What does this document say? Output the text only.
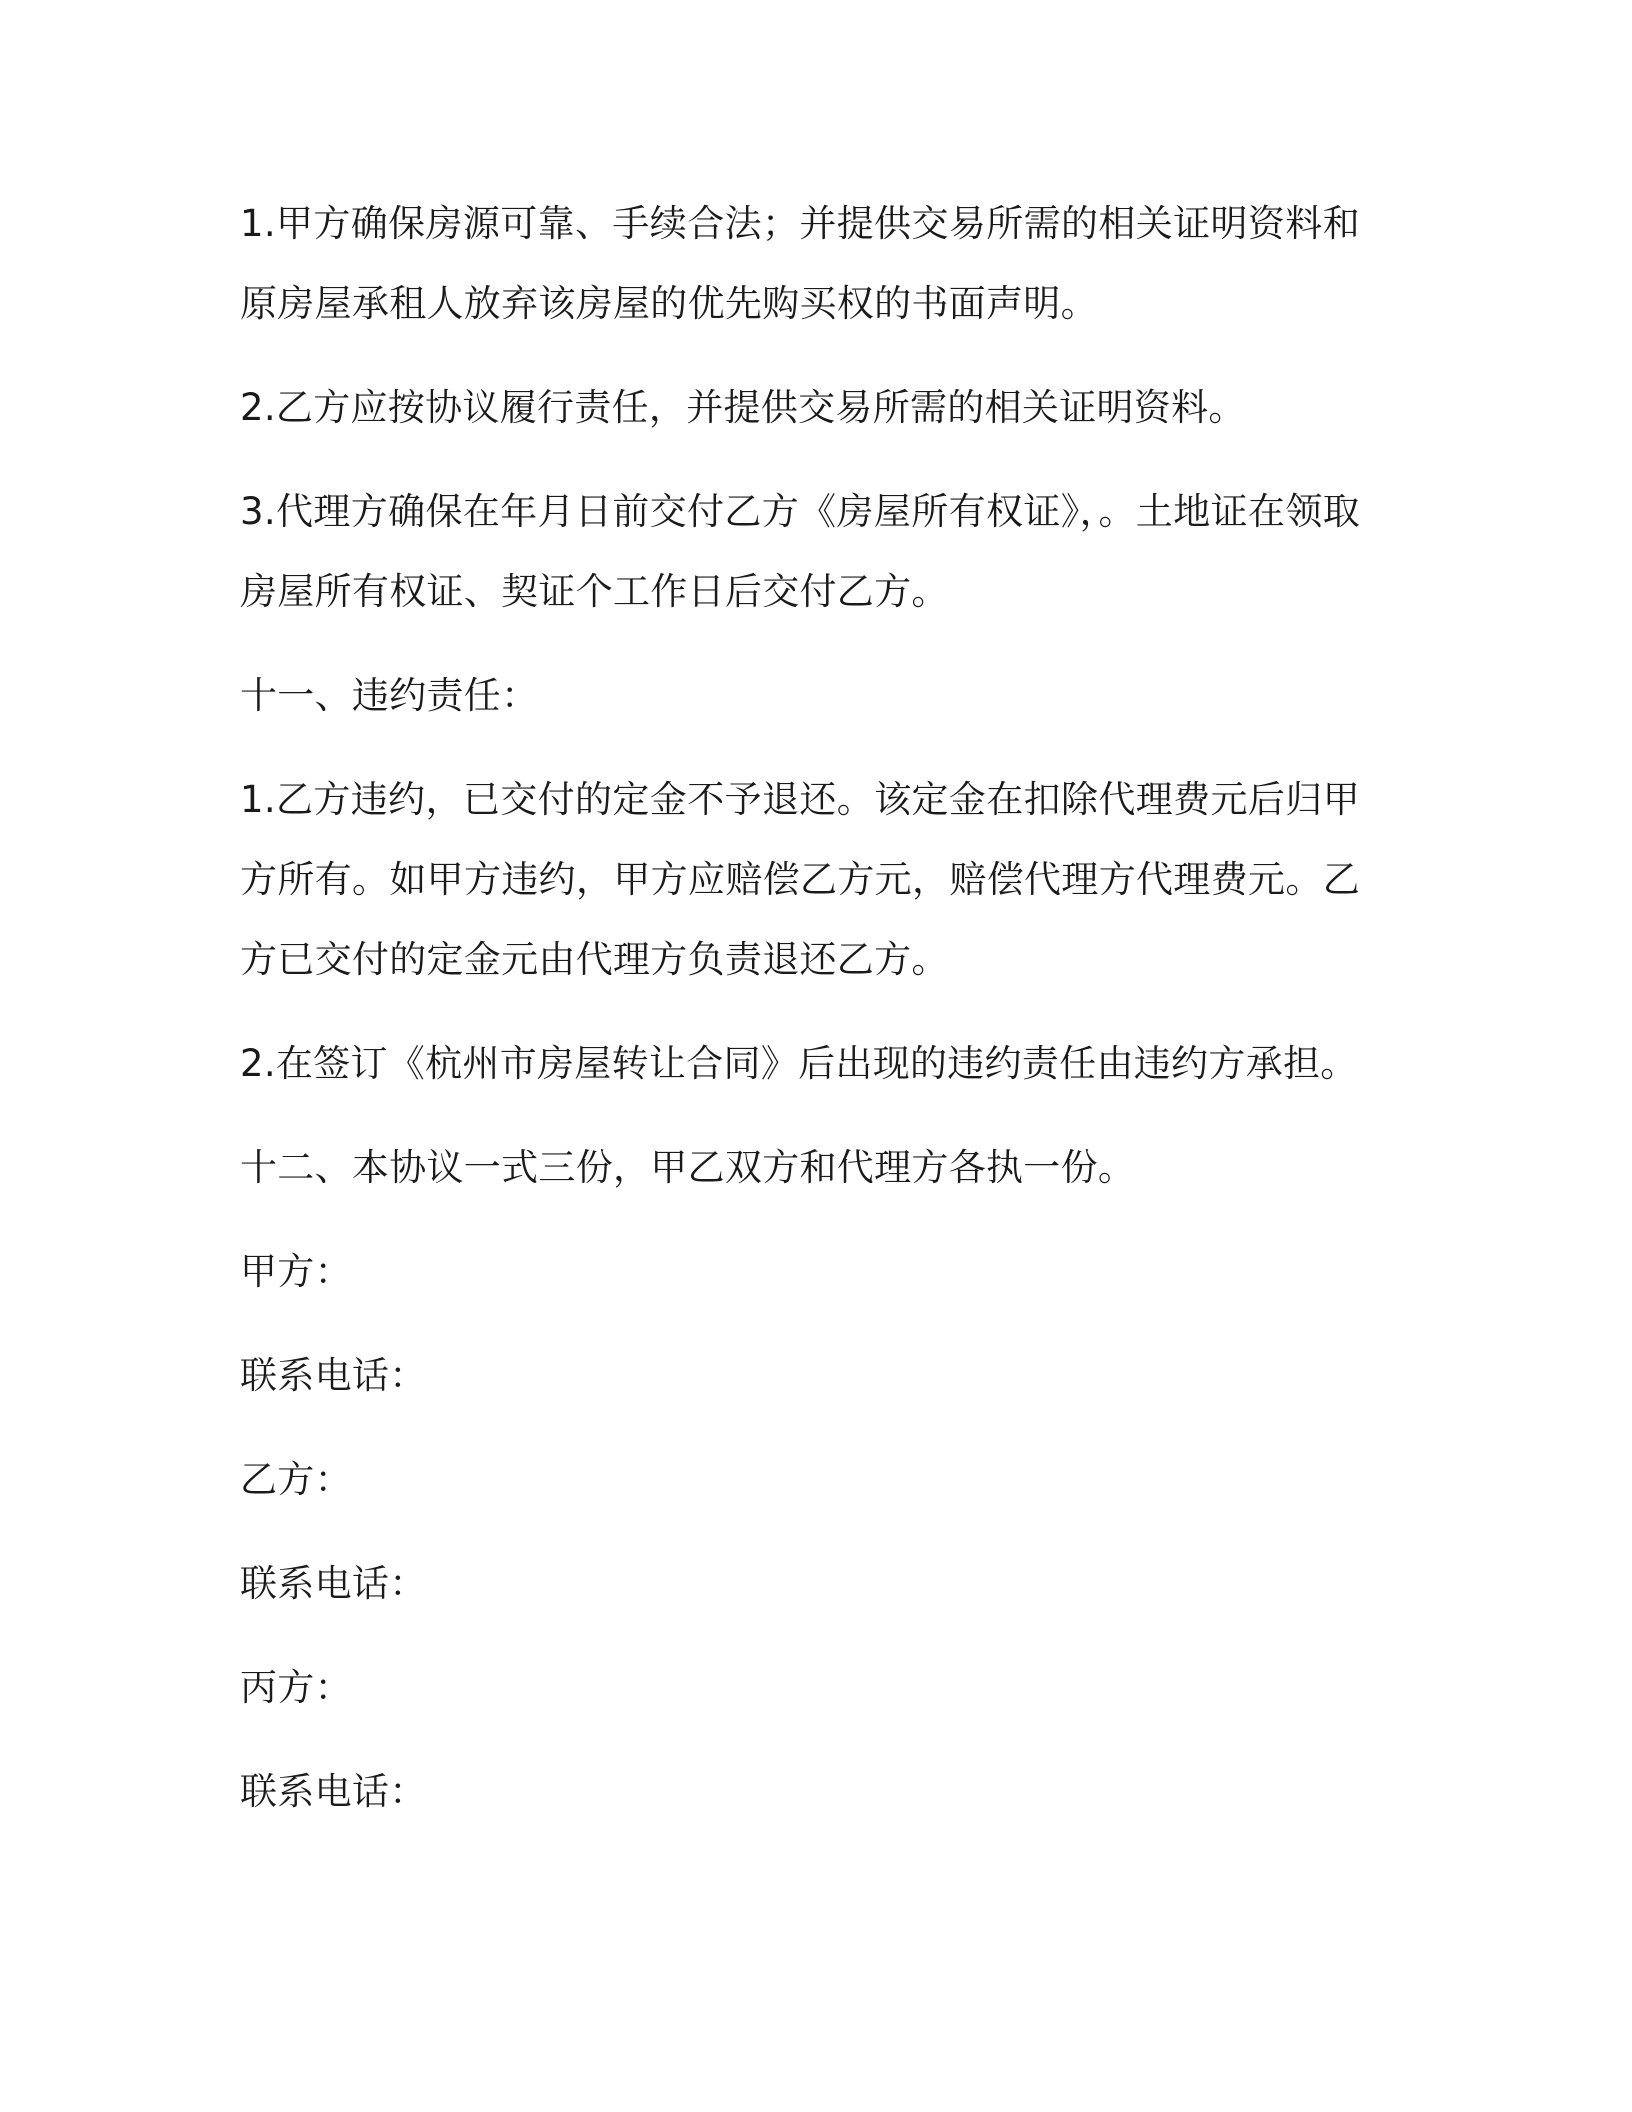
1.甲方确保房源可靠、手续合法；并提供交易所需的相关证明资料和原房屋承租人放弃该房屋的优先购买权的书面声明。

2.乙方应按协议履行责任，并提供交易所需的相关证明资料。

3.代理方确保在年月日前交付乙方《房屋所有权证》，。土地证在领取房屋所有权证、契证个工作日后交付乙方。

十一、违约责任：

1.乙方违约，已交付的定金不予退还。该定金在扣除代理费元后归甲方所有。如甲方违约，甲方应赔偿乙方元，赔偿代理方代理费元。乙方已交付的定金元由代理方负责退还乙方。

2.在签订《杭州市房屋转让合同》后出现的违约责任由违约方承担。

十二、本协议一式三份，甲乙双方和代理方各执一份。

甲方：

联系电话：

乙方：

联系电话：

丙方：

联系电话：
